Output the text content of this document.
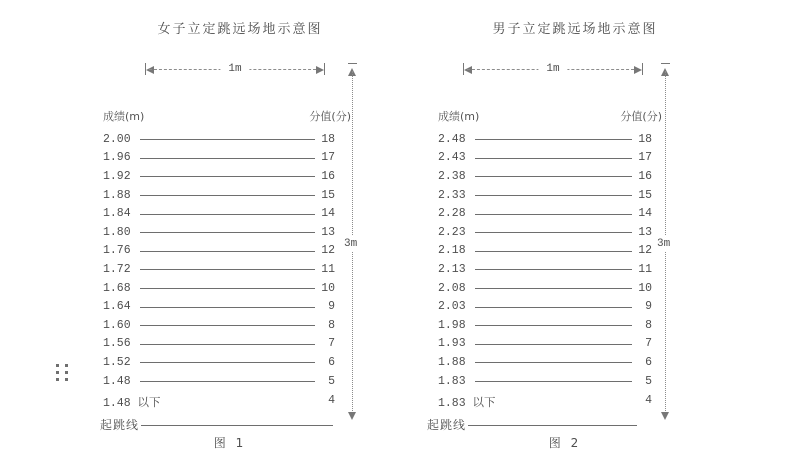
女子立定跳远场地示意图
1m
3m
成绩(m)	分值(分)
2.00	18
1.96	17
1.92	16
1.88	15
1.84	14
1.80	13
1.76	12
1.72	11
1.68	10
1.64	9
1.60	8
1.56	7
1.52	6
1.48	5
1.48 以下	4
起跳线
图 1
男子立定跳远场地示意图
1m
3m
成绩(m)	分值(分)
2.48	18
2.43	17
2.38	16
2.33	15
2.28	14
2.23	13
2.18	12
2.13	11
2.08	10
2.03	9
1.98	8
1.93	7
1.88	6
1.83	5
1.83 以下	4
起跳线
图 2
